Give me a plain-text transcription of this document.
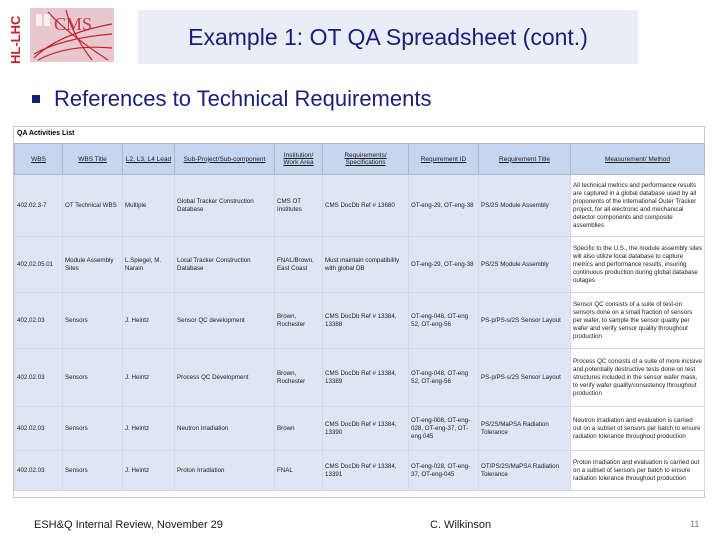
HL-LHC CMS	Example 1: OT QA Spreadsheet (cont.)
References to Technical Requirements
QA Activities List
WBS	WBS Title	L2, L3, L4 Lead	Sub-Project/Sub-component	Institution/ Work Area	Requirements/ Specifications	Requirement ID	Requirement Title	Measurement/ Method
402.02.3-7	OT Technical WBS	Multiple	Global Tracker Construction Database	CMS OT Institutes	CMS DocDb Ref # 13680	OT-eng-29, OT-eng-38	PS/2S Module Assembly	All technical metrics and performance results are captured in a global database used by all proponents of the international Outer Tracker project, for all electronic and mechanical detector components and composite assemblies
402.02.05.01	Module Assembly Sites	L.Spiegel, M. Narain	Local Tracker Construction Database	FNAL/Brown, East Coast	Must maintain compatibility with global DB	OT-eng-29, OT-eng-38	PS/2S Module Assembly	Specific to the U.S., the module assembly sites will also utilize local database to capture metrics and performance results, insuring continuous production during global database outages
402.02.03	Sensors	J. Heintz	Sensor QC development	Brown, Rochester	CMS DocDb Ref # 13384, 13388	OT-eng-048, OT-eng 52, OT-eng-56	PS-p/PS-s/2S Sensor Layout	Sensor QC consists of a suite of test-on sensors done on a small fraction of sensors per wafer, to sample the sensor quality per wafer and verify sensor quality throughout production
402.02.03	Sensors	J. Heintz	Process QC Development	Brown, Rochester	CMS DocDb Ref # 13384, 13389	OT-eng-048, OT-eng 52, OT-eng-56	PS-p/PS-s/2S Sensor Layout	Process QC consists of a suite of more incisive and potentially destructive tests done on test structures included in the sensor wafer mask, to verify wafer quality/consistency throughout production
402.02.03	Sensors	J. Heintz	Neutron Irradiation	Brown	CMS DocDb Ref # 13384, 13390	OT-eng-008, OT-eng-028, OT-eng-37, OT-eng 045	PS/2S/MaPSA Radiation Tolerance	Neutron irradiation and evaluation is carried out on a subset of sensors per batch to ensure radiation tolerance throughout production
402.02.03	Sensors	J. Heintz	Proton Irradiation	FNAL	CMS DocDb Ref # 13384, 13391	OT-eng-028, OT-eng-37, OT-eng-045	OT/PS/2S/MaPSA Radiation Tolerance	Proton irradiation and evaluation is carried out on a subset of sensors per batch to ensure radiation tolerance throughout production
ESH&Q Internal Review, November 29	C. Wilkinson	11
